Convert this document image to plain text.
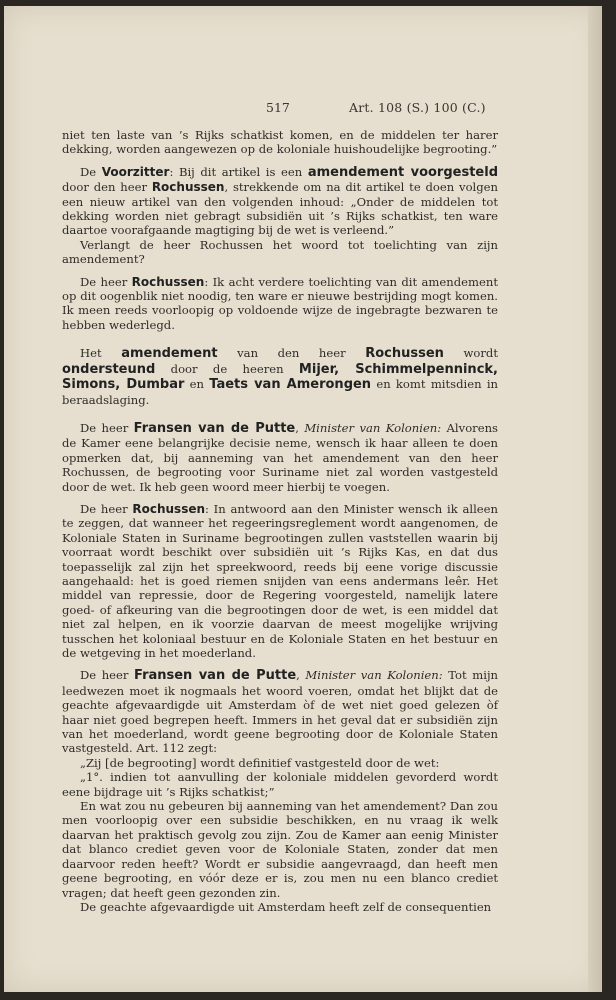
517	Art. 108 (S.) 100 (C.)

niet ten laste van ’s Rijks schatkist komen, en de middelen ter harer dekking, worden aangewezen op de koloniale huishoudelijke begrooting.”

De Voorzitter: Bij dit artikel is een amendement voorgesteld door den heer Rochussen, strekkende om na dit artikel te doen volgen een nieuw artikel van den volgenden inhoud: „Onder de middelen tot dekking worden niet gebragt subsidiën uit ’s Rijks schatkist, ten ware daartoe voorafgaande magtiging bij de wet is verleend.”

Verlangt de heer Rochussen het woord tot toelichting van zijn amendement?

De heer Rochussen: Ik acht verdere toelichting van dit amendement op dit oogenblik niet noodig, ten ware er nieuwe bestrijding mogt komen. Ik meen reeds voorloopig op voldoende wijze de ingebragte bezwaren te hebben wederlegd.

Het amendement van den heer Rochussen wordt ondersteund door de heeren Mijer, Schimmelpenninck, Simons, Dumbar en Taets van Amerongen en komt mitsdien in beraadslaging.

De heer Fransen van de Putte, Minister van Kolonien: Alvorens de Kamer eene belangrijke decisie neme, wensch ik haar alleen te doen opmerken dat, bij aanneming van het amendement van den heer Rochussen, de begrooting voor Suriname niet zal worden vastgesteld door de wet. Ik heb geen woord meer hierbij te voegen.

De heer Rochussen: In antwoord aan den Minister wensch ik alleen te zeggen, dat wanneer het regeeringsreglement wordt aangenomen, de Koloniale Staten in Suriname begrootingen zullen vaststellen waarin bij voorraat wordt beschikt over subsidiën uit ’s Rijks Kas, en dat dus toepasselijk zal zijn het spreekwoord, reeds bij eene vorige discussie aangehaald: het is goed riemen snijden van eens andermans leêr. Het middel van repressie, door de Regering voorgesteld, namelijk latere goed- of afkeuring van die begrootingen door de wet, is een middel dat niet zal helpen, en ik voorzie daarvan de meest mogelijke wrijving tusschen het koloniaal bestuur en de Koloniale Staten en het bestuur en de wetgeving in het moederland.

De heer Fransen van de Putte, Minister van Kolonien: Tot mijn leedwezen moet ik nogmaals het woord voeren, omdat het blijkt dat de geachte afgevaardigde uit Amsterdam òf de wet niet goed gelezen òf haar niet goed begrepen heeft. Immers in het geval dat er subsidiën zijn van het moederland, wordt geene begrooting door de Koloniale Staten vastgesteld. Art. 112 zegt:

„Zij [de begrooting] wordt definitief vastgesteld door de wet:

„1°. indien tot aanvulling der koloniale middelen gevorderd wordt eene bijdrage uit ’s Rijks schatkist;”

En wat zou nu gebeuren bij aanneming van het amendement? Dan zou men voorloopig over een subsidie beschikken, en nu vraag ik welk daarvan het praktisch gevolg zou zijn. Zou de Kamer aan eenig Minister dat blanco crediet geven voor de Koloniale Staten, zonder dat men daarvoor reden heeft? Wordt er subsidie aangevraagd, dan heeft men geene begrooting, en vóór deze er is, zou men nu een blanco crediet vragen; dat heeft geen gezonden zin.

De geachte afgevaardigde uit Amsterdam heeft zelf de consequentien
